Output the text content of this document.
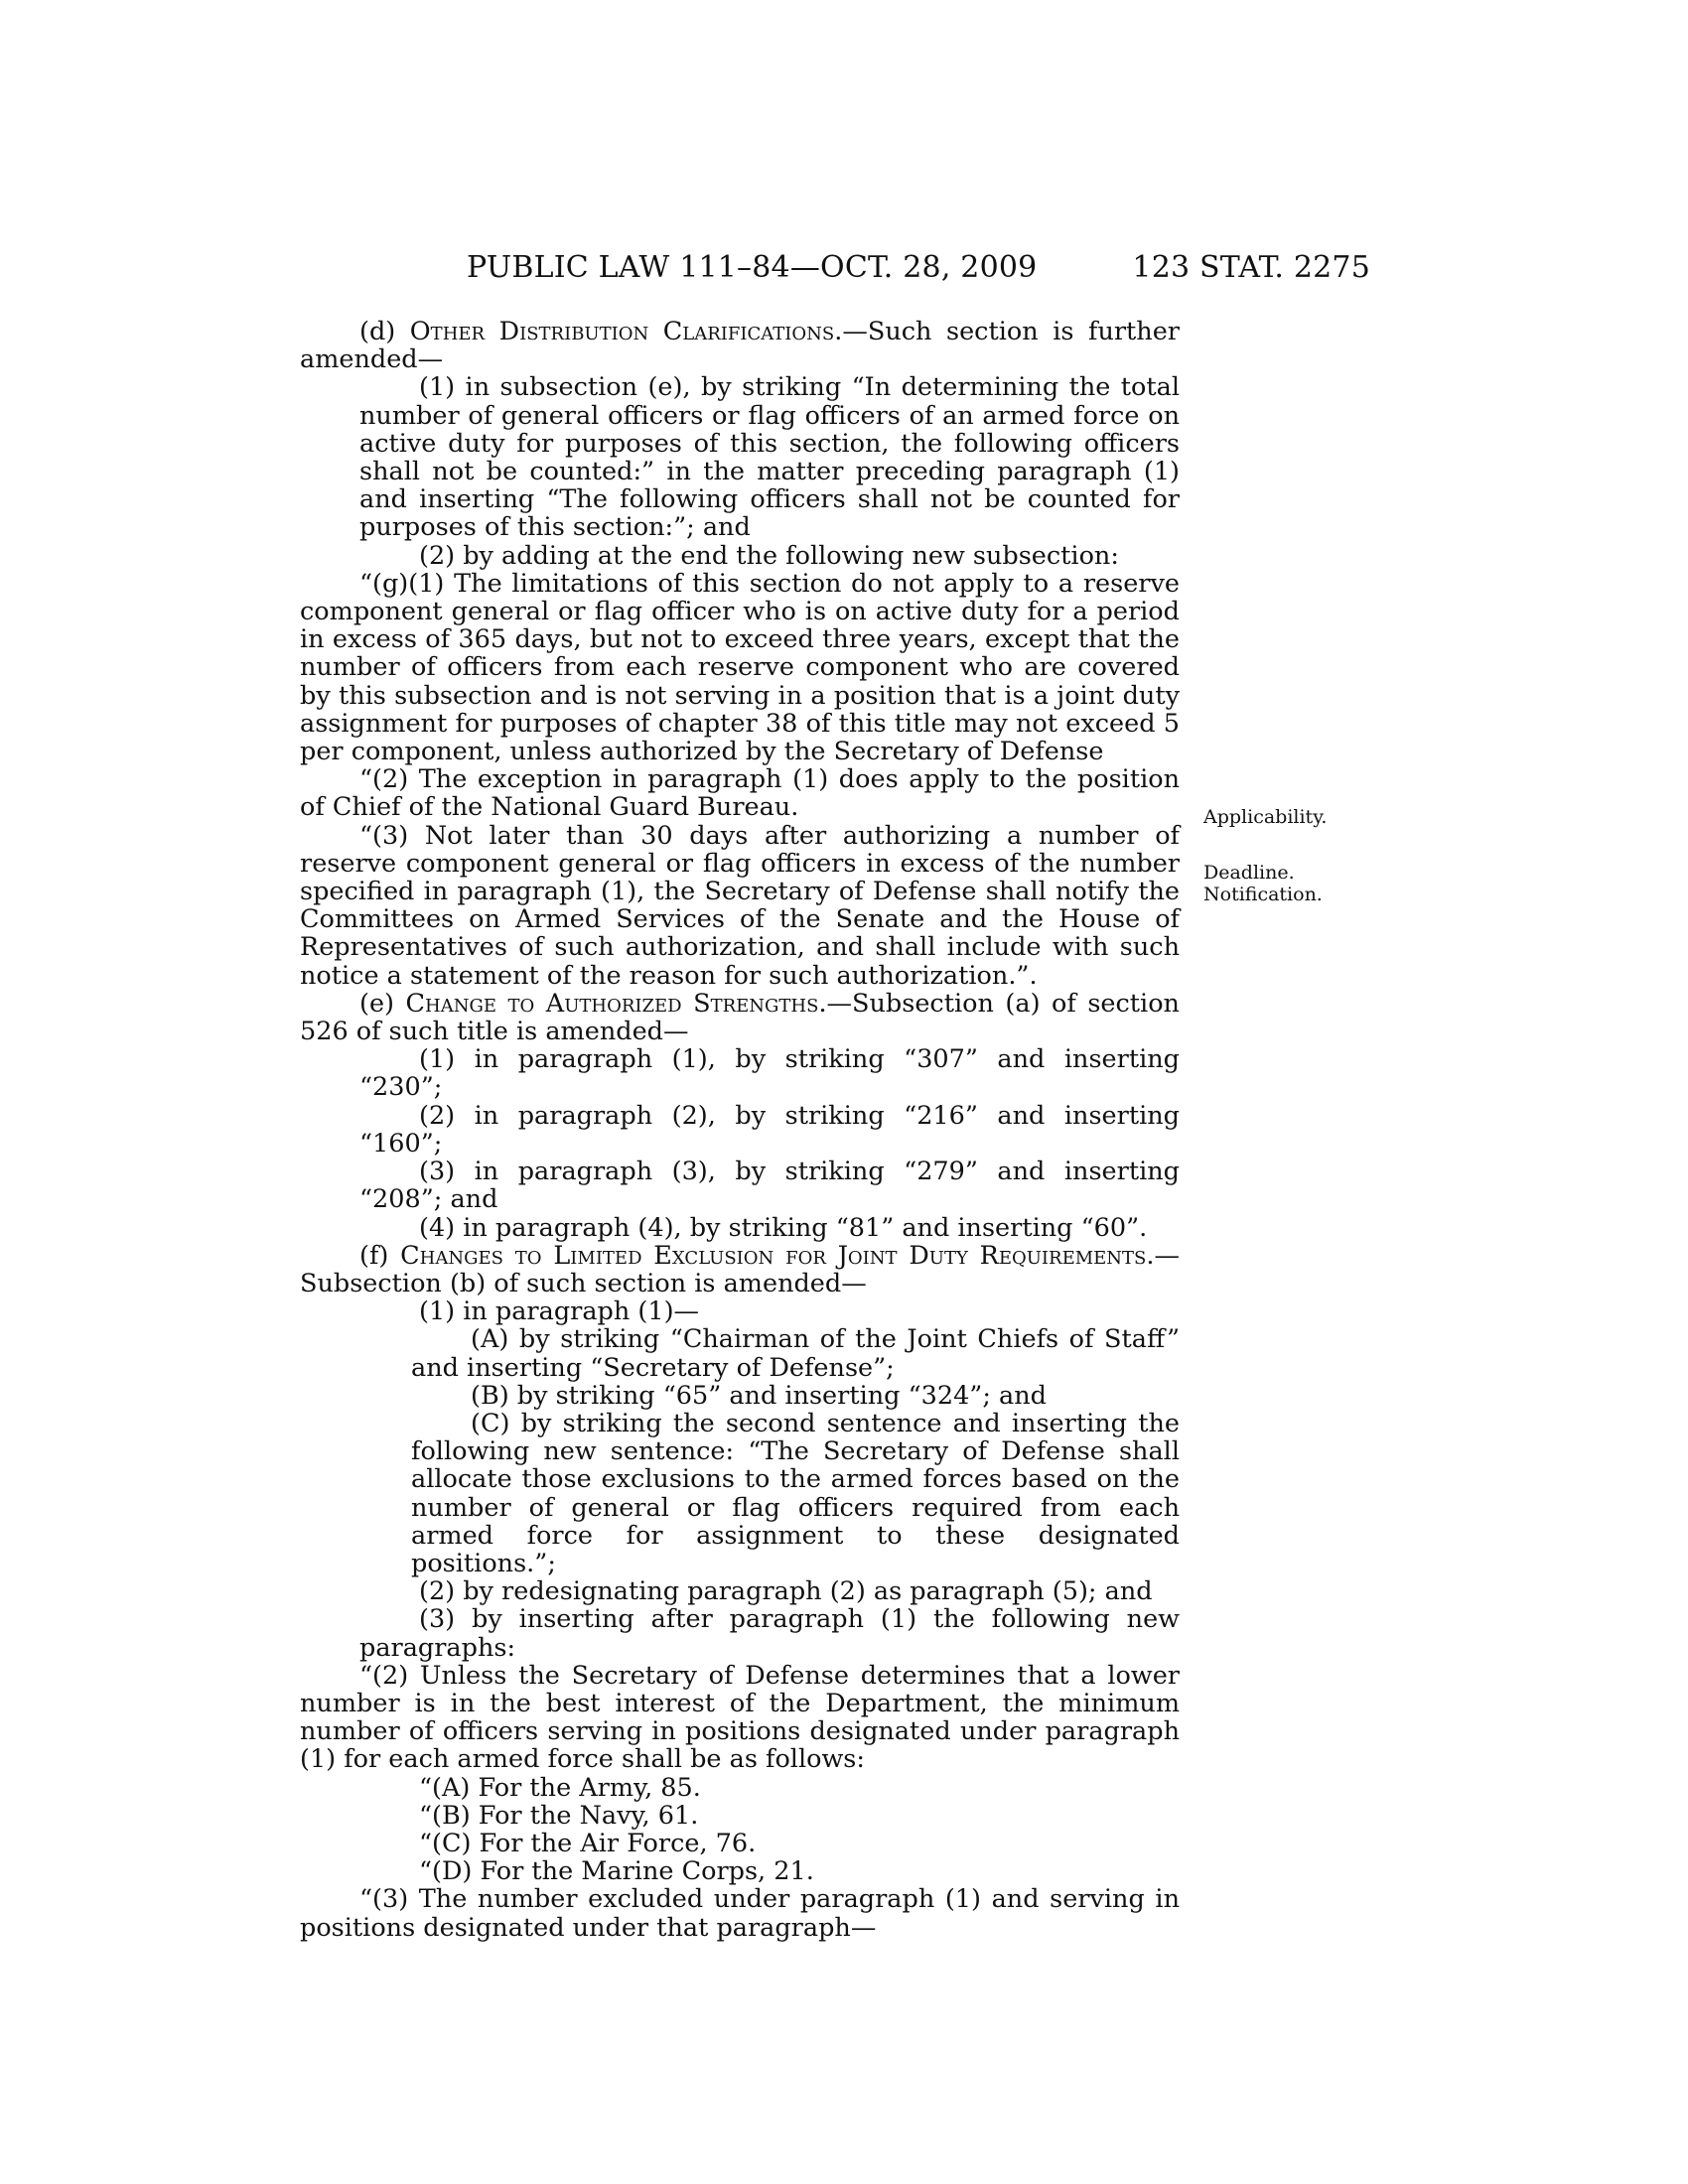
PUBLIC LAW 111–84—OCT. 28, 2009	123 STAT. 2275
Applicability.
Deadline.
Notification.

(d) Other Distribution Clarifications.—Such section is further amended—

(1) in subsection (e), by striking “In determining the total number of general officers or flag officers of an armed force on active duty for purposes of this section, the following officers shall not be counted:” in the matter preceding paragraph (1) and inserting “The following officers shall not be counted for purposes of this section:”; and

(2) by adding at the end the following new subsection:

“(g)(1) The limitations of this section do not apply to a reserve component general or flag officer who is on active duty for a period in excess of 365 days, but not to exceed three years, except that the number of officers from each reserve component who are covered by this subsection and is not serving in a position that is a joint duty assignment for purposes of chapter 38 of this title may not exceed 5 per component, unless authorized by the Secretary of Defense

“(2) The exception in paragraph (1) does apply to the position of Chief of the National Guard Bureau.

“(3) Not later than 30 days after authorizing a number of reserve component general or flag officers in excess of the number specified in paragraph (1), the Secretary of Defense shall notify the Committees on Armed Services of the Senate and the House of Representatives of such authorization, and shall include with such notice a statement of the reason for such authorization.”.

(e) Change to Authorized Strengths.—Subsection (a) of section 526 of such title is amended—

(1) in paragraph (1), by striking “307” and inserting “230”;

(2) in paragraph (2), by striking “216” and inserting “160”;

(3) in paragraph (3), by striking “279” and inserting “208”; and

(4) in paragraph (4), by striking “81” and inserting “60”.

(f) Changes to Limited Exclusion for Joint Duty Requirements.—Subsection (b) of such section is amended—

(1) in paragraph (1)—

(A) by striking “Chairman of the Joint Chiefs of Staff” and inserting “Secretary of Defense”;

(B) by striking “65” and inserting “324”; and

(C) by striking the second sentence and inserting the following new sentence: “The Secretary of Defense shall allocate those exclusions to the armed forces based on the number of general or flag officers required from each armed force for assignment to these designated positions.”;

(2) by redesignating paragraph (2) as paragraph (5); and

(3) by inserting after paragraph (1) the following new paragraphs:

“(2) Unless the Secretary of Defense determines that a lower number is in the best interest of the Department, the minimum number of officers serving in positions designated under paragraph (1) for each armed force shall be as follows:

“(A) For the Army, 85.

“(B) For the Navy, 61.

“(C) For the Air Force, 76.

“(D) For the Marine Corps, 21.

“(3) The number excluded under paragraph (1) and serving in positions designated under that paragraph—
